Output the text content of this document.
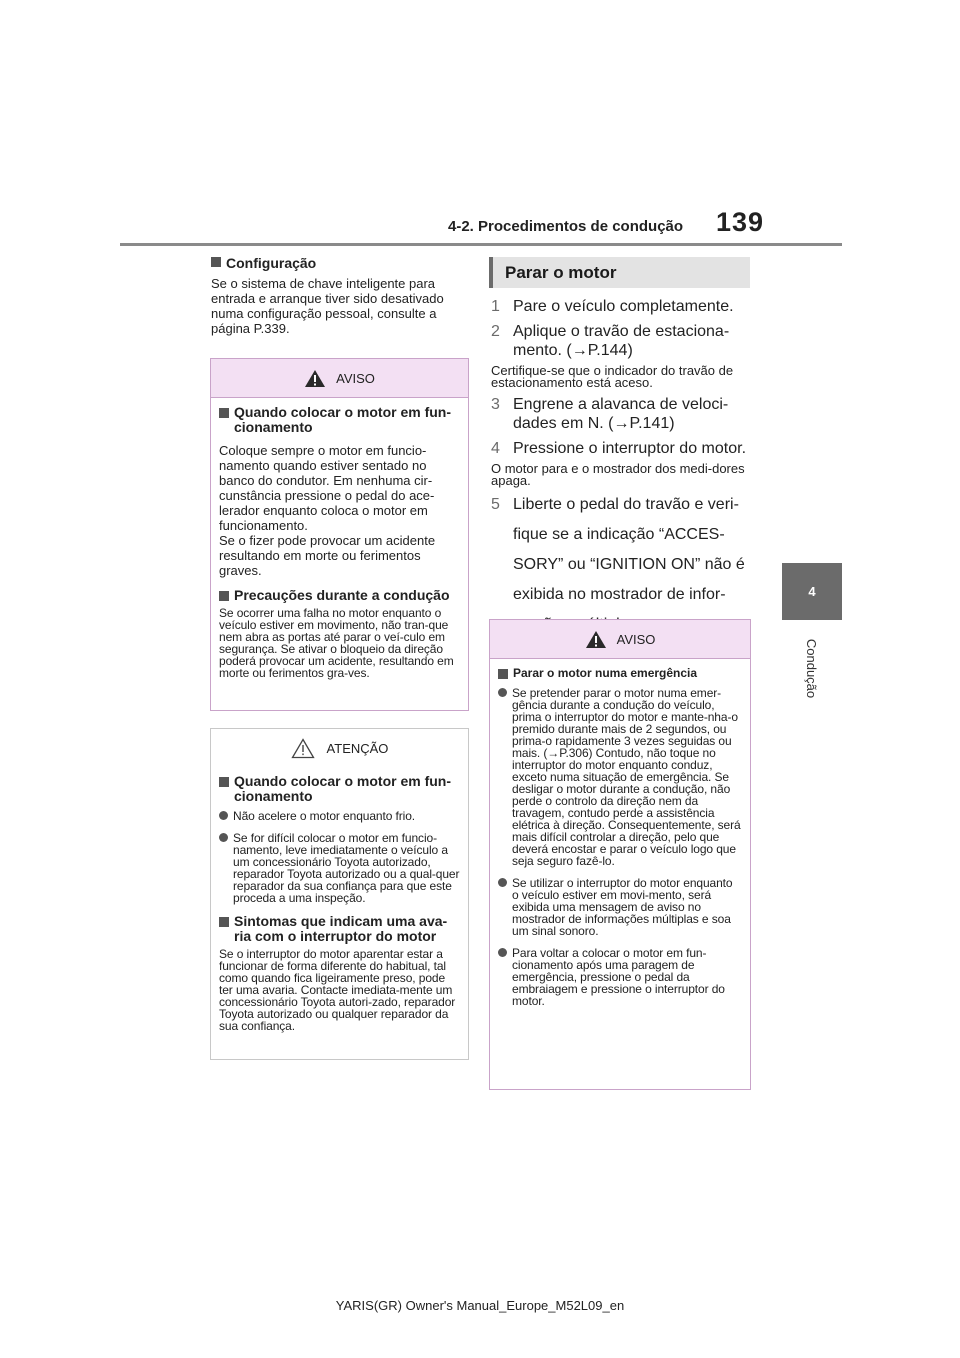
4-2. Procedimentos de condução 139
4
Condução
Configuração
Se o sistema de chave inteligente para entrada e arranque tiver sido desativado numa configuração pessoal, consulte a página P.339.
AVISO
Quando colocar o motor em fun-cionamento
Coloque sempre o motor em funcio-namento quando estiver sentado no banco do condutor. Em nenhuma cir-cunstância pressione o pedal do ace-lerador enquanto coloca o motor em funcionamento.
Se o fizer pode provocar um acidente resultando em morte ou ferimentos graves.
Precauções durante a condução
Se ocorrer uma falha no motor enquanto o veículo estiver em movimento, não tran-que nem abra as portas até parar o veí-culo em segurança. Se ativar o bloqueio da direção poderá provocar um acidente, resultando em morte ou ferimentos gra-ves.
ATENÇÃO
Quando colocar o motor em fun-cionamento
Não acelere o motor enquanto frio.
Se for difícil colocar o motor em funcio-namento, leve imediatamente o veículo a um concessionário Toyota autorizado, reparador Toyota autorizado ou a qual-quer reparador da sua confiança para que este proceda a uma inspeção.
Sintomas que indicam uma ava-ria com o interruptor do motor
Se o interruptor do motor aparentar estar a funcionar de forma diferente do habitual, tal como quando fica ligeiramente preso, pode ter uma avaria. Contacte imediata-mente um concessionário Toyota autori-zado, reparador Toyota autorizado ou qualquer reparador da sua confiança.
Parar o motor
1 Pare o veículo completamente.
2 Aplique o travão de estaciona-mento. (→P.144)
Certifique-se que o indicador do travão de estacionamento está aceso.
3 Engrene a alavanca de veloci-dades em N. (→P.141)
4 Pressione o interruptor do motor.
O motor para e o mostrador dos medi-dores apaga.
5 Liberte o pedal do travão e veri-fique se a indicação “ACCES-SORY” ou “IGNITION ON” não é exibida no mostrador de infor-
AVISO
Parar o motor numa emergência
Se pretender parar o motor numa emer-gência durante a condução do veículo, prima o interruptor do motor e mante-nha-o premido durante mais de 2 segundos, ou prima-o rapidamente 3 vezes seguidas ou mais. (→P.306) Contudo, não toque no interruptor do motor enquanto conduz, exceto numa situação de emergência. Se desligar o motor durante a condução, não perde o controlo da direção nem da travagem, contudo perde a assistência elétrica à direção. Consequentemente, será mais difícil controlar a direção, pelo que deverá encostar e parar o veículo logo que seja seguro fazê-lo.
Se utilizar o interruptor do motor enquanto o veículo estiver em movi-mento, será exibida uma mensagem de aviso no mostrador de informações múltiplas e soa um sinal sonoro.
Para voltar a colocar o motor em fun-cionamento após uma paragem de emergência, pressione o pedal da embraiagem e pressione o interruptor do motor.
YARIS(GR) Owner's Manual_Europe_M52L09_en
